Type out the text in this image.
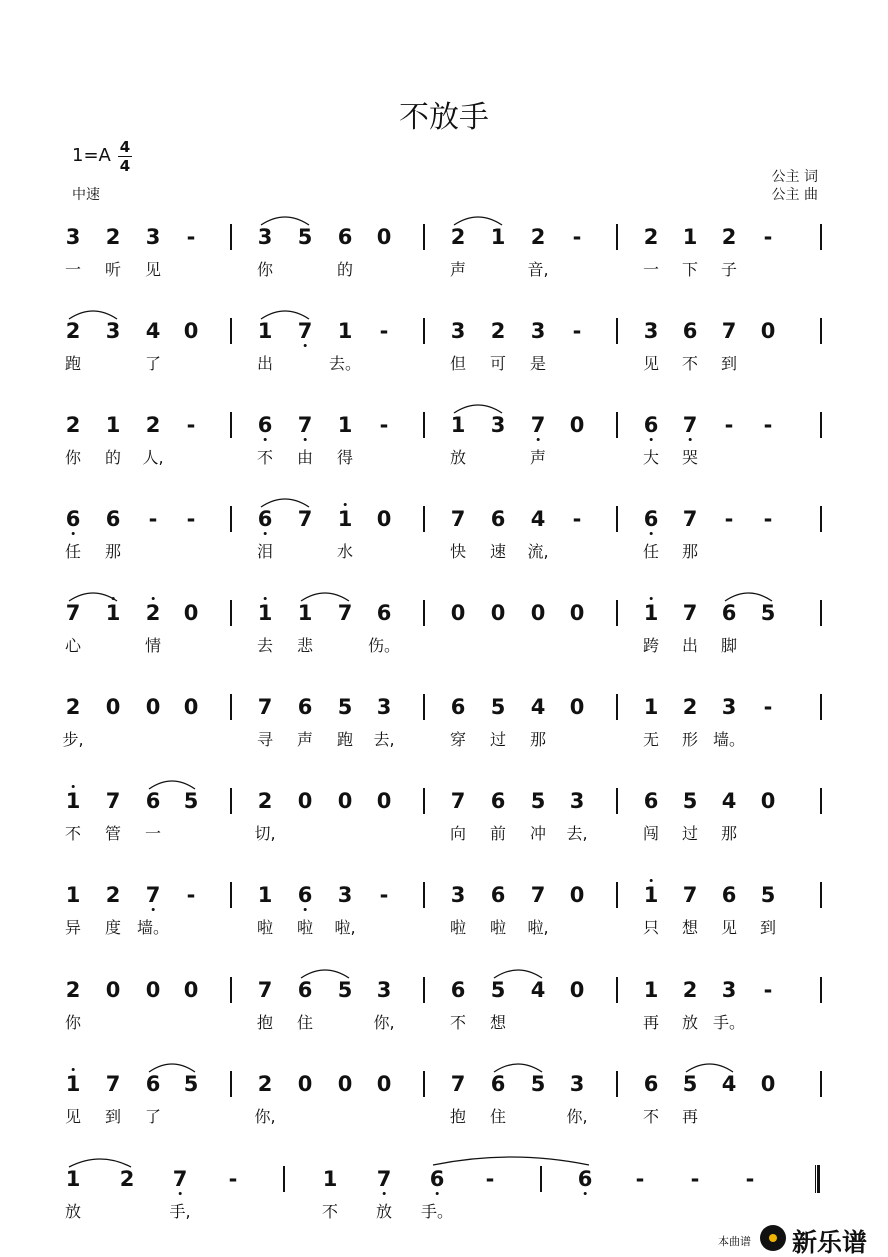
不放手
1=A 4
4
中速
公主 词
公主 曲
3 2 3 -	3 5 6 0	2 1 2 -	2 1 2 -
一 听 见	你	的	声	音,	一 下 子
2 3 4 0	1 7 1 -	3 2 3 -	3 6 7 0
跑	了	出	去。	但 可 是	见 不 到
2 1 2 -	6 7 1 -	1 3 7 0	6 7 - -
你 的 人,	不 由 得	放	声	大 哭
6 6 - -	6 7 1 0	7 6 4 -	6 7 - -
任 那	泪	水	快 速 流,	任 那
7 1 2 0	1 1 7 6	0 0 0 0	1 7 6 5
心	情	去 悲	伤。	跨 出 脚
2 0 0 0	7 6 5 3	6 5 4 0	1 2 3 -
步,	寻 声 跑 去,	穿 过 那	无 形 墙。
1 7 6 5	2 0 0 0	7 6 5 3	6 5 4 0
不 管 一	切,	向 前 冲 去,	闯 过 那
1 2 7 -	1 6 3 -	3 6 7 0	1 7 6 5
异 度 墙。	啦 啦 啦,	啦 啦 啦,	只 想 见 到
2 0 0 0	7 6 5 3	6 5 4 0	1 2 3 -
你	抱 住	你,	不 想	再 放 手。
1 7 6 5	2 0 0 0	7 6 5 3	6 5 4 0
见 到 了	你,	抱 住	你,	不 再
1 2 7 -	1 7 6 -	6 - - -
放	手,	不 放 手。
本曲谱 新乐谱
